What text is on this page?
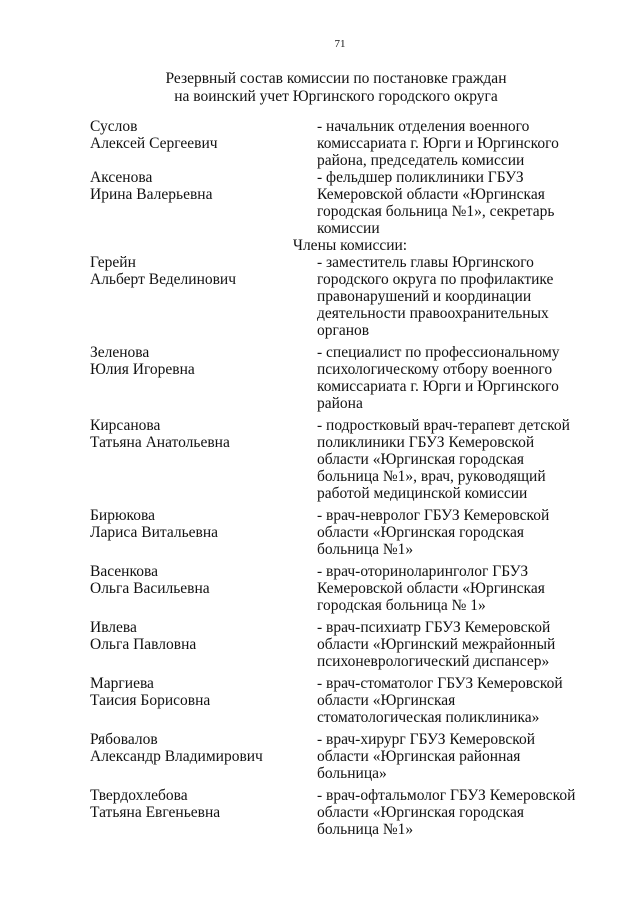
71
Резервный состав комиссии по постановке граждан
на воинский учет Юргинского городского округа
Суслов
Алексей Сергеевич
- начальник отделения военного
комиссариата г. Юрги и Юргинского
района, председатель комиссии
Аксенова
Ирина Валерьевна
- фельдшер поликлиники ГБУЗ
Кемеровской области «Юргинская
городская больница №1», секретарь
комиссии
Члены комиссии:
Герейн
Альберт Веделинович
- заместитель главы Юргинского
городского округа по профилактике
правонарушений и координации
деятельности правоохранительных
органов
Зеленова
Юлия Игоревна
- специалист по профессиональному
психологическому отбору военного
комиссариата г. Юрги и Юргинского
района
Кирсанова
Татьяна Анатольевна
- подростковый врач-терапевт детской
поликлиники ГБУЗ Кемеровской
области «Юргинская городская
больница №1», врач, руководящий
работой медицинской комиссии
Бирюкова
Лариса Витальевна
- врач-невролог ГБУЗ Кемеровской
области «Юргинская городская
больница №1»
Васенкова
Ольга Васильевна
- врач-оториноларинголог ГБУЗ
Кемеровской области «Юргинская
городская больница № 1»
Ивлева
Ольга Павловна
- врач-психиатр ГБУЗ Кемеровской
области «Юргинский межрайонный
психоневрологический диспансер»
Маргиева
Таисия Борисовна
- врач-стоматолог ГБУЗ Кемеровской
области «Юргинская
стоматологическая поликлиника»
Рябовалов
Александр Владимирович
- врач-хирург ГБУЗ Кемеровской
области «Юргинская районная
больница»
Твердохлебова
Татьяна Евгеньевна
- врач-офтальмолог ГБУЗ Кемеровской
области «Юргинская городская
больница №1»
